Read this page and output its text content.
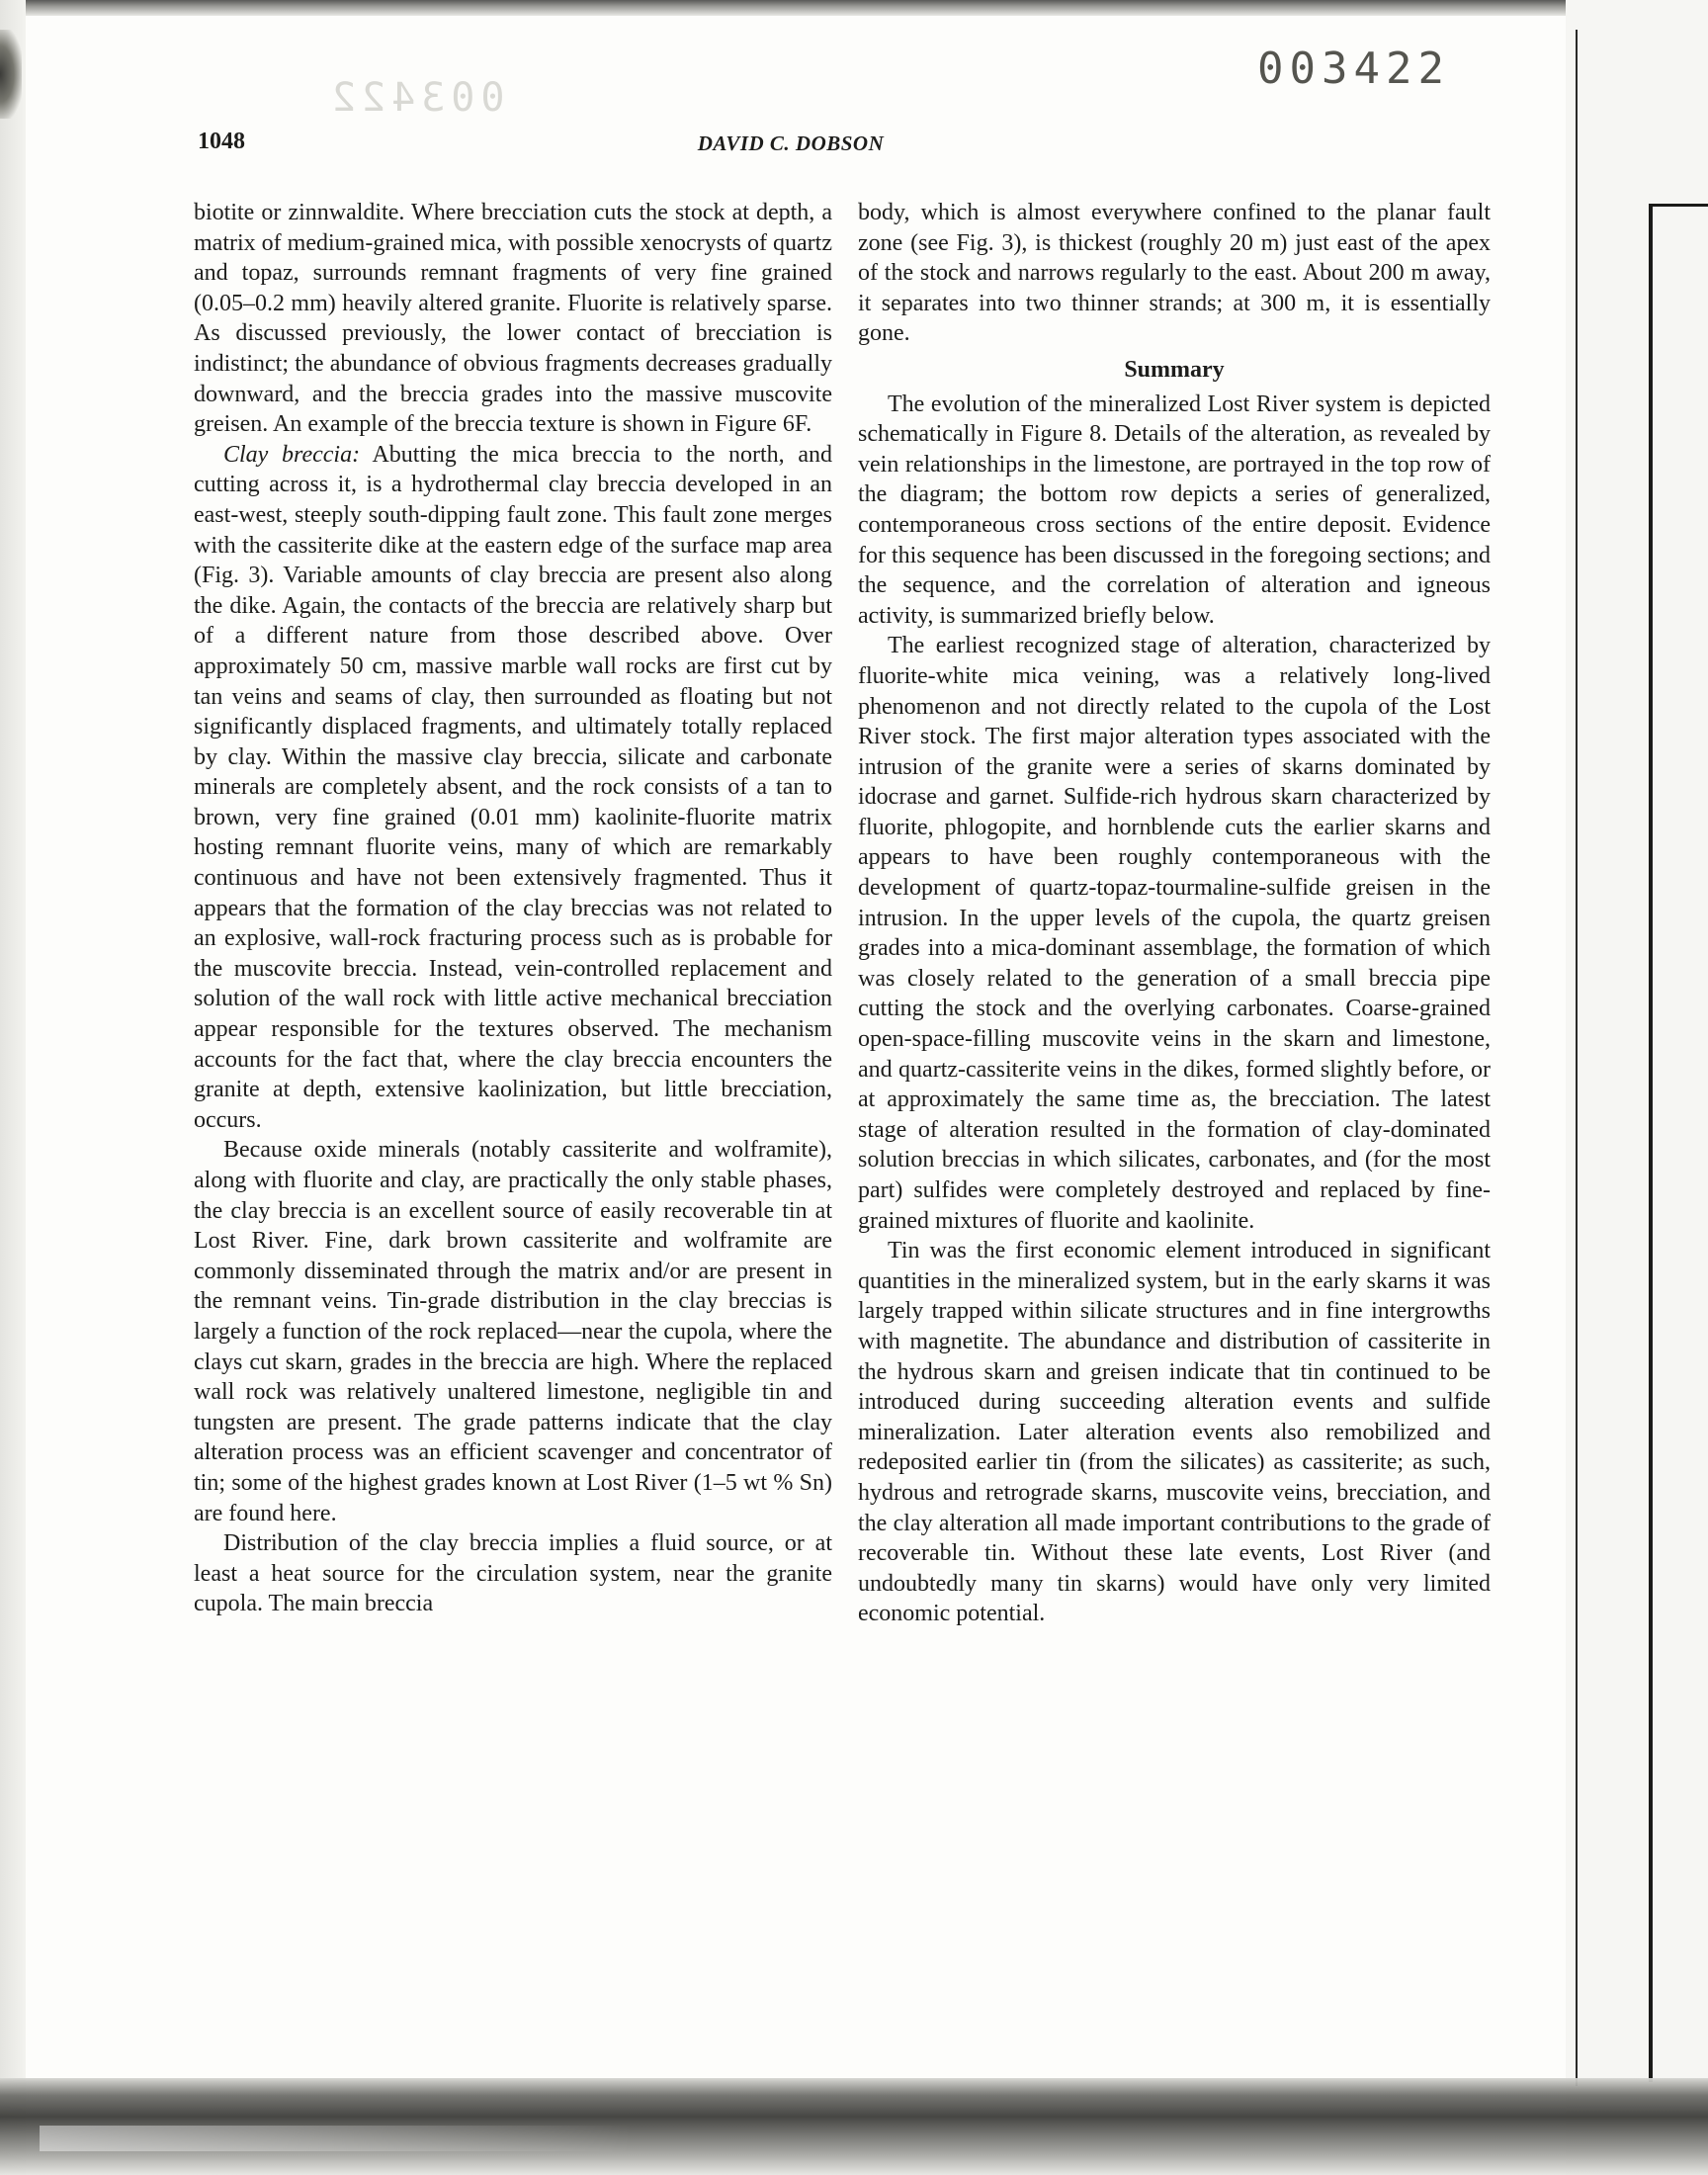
003422
003422
1048	DAVID C. DOBSON

biotite or zinnwaldite. Where brecciation cuts the stock at depth, a matrix of medium-grained mica, with possible xenocrysts of quartz and topaz, surrounds remnant fragments of very fine grained (0.05–0.2 mm) heavily altered granite. Fluorite is relatively sparse. As discussed previously, the lower contact of brecciation is indistinct; the abundance of obvious fragments decreases gradually downward, and the breccia grades into the massive muscovite greisen. An example of the breccia texture is shown in Figure 6F.

Clay breccia: Abutting the mica breccia to the north, and cutting across it, is a hydrothermal clay breccia developed in an east-west, steeply south-dipping fault zone. This fault zone merges with the cassiterite dike at the eastern edge of the surface map area (Fig. 3). Variable amounts of clay breccia are present also along the dike. Again, the contacts of the breccia are relatively sharp but of a different nature from those described above. Over approximately 50 cm, massive marble wall rocks are first cut by tan veins and seams of clay, then surrounded as floating but not significantly displaced fragments, and ultimately totally replaced by clay. Within the massive clay breccia, silicate and carbonate minerals are completely absent, and the rock consists of a tan to brown, very fine grained (0.01 mm) kaolinite-fluorite matrix hosting remnant fluorite veins, many of which are remarkably continuous and have not been extensively fragmented. Thus it appears that the formation of the clay breccias was not related to an explosive, wall-rock fracturing process such as is probable for the muscovite breccia. Instead, vein-controlled replacement and solution of the wall rock with little active mechanical brecciation appear responsible for the textures observed. The mechanism accounts for the fact that, where the clay breccia encounters the granite at depth, extensive kaolinization, but little brecciation, occurs.

Because oxide minerals (notably cassiterite and wolframite), along with fluorite and clay, are practically the only stable phases, the clay breccia is an excellent source of easily recoverable tin at Lost River. Fine, dark brown cassiterite and wolframite are commonly disseminated through the matrix and/or are present in the remnant veins. Tin-grade distribution in the clay breccias is largely a function of the rock replaced—near the cupola, where the clays cut skarn, grades in the breccia are high. Where the replaced wall rock was relatively unaltered limestone, negligible tin and tungsten are present. The grade patterns indicate that the clay alteration process was an efficient scavenger and concentrator of tin; some of the highest grades known at Lost River (1–5 wt % Sn) are found here.

Distribution of the clay breccia implies a fluid source, or at least a heat source for the circulation system, near the granite cupola. The main breccia

body, which is almost everywhere confined to the planar fault zone (see Fig. 3), is thickest (roughly 20 m) just east of the apex of the stock and narrows regularly to the east. About 200 m away, it separates into two thinner strands; at 300 m, it is essentially gone.

Summary

The evolution of the mineralized Lost River system is depicted schematically in Figure 8. Details of the alteration, as revealed by vein relationships in the limestone, are portrayed in the top row of the diagram; the bottom row depicts a series of generalized, contemporaneous cross sections of the entire deposit. Evidence for this sequence has been discussed in the foregoing sections; and the sequence, and the correlation of alteration and igneous activity, is summarized briefly below.

The earliest recognized stage of alteration, characterized by fluorite-white mica veining, was a relatively long-lived phenomenon and not directly related to the cupola of the Lost River stock. The first major alteration types associated with the intrusion of the granite were a series of skarns dominated by idocrase and garnet. Sulfide-rich hydrous skarn characterized by fluorite, phlogopite, and hornblende cuts the earlier skarns and appears to have been roughly contemporaneous with the development of quartz-topaz-tourmaline-sulfide greisen in the intrusion. In the upper levels of the cupola, the quartz greisen grades into a mica-dominant assemblage, the formation of which was closely related to the generation of a small breccia pipe cutting the stock and the overlying carbonates. Coarse-grained open-space-filling muscovite veins in the skarn and limestone, and quartz-cassiterite veins in the dikes, formed slightly before, or at approximately the same time as, the brecciation. The latest stage of alteration resulted in the formation of clay-dominated solution breccias in which silicates, carbonates, and (for the most part) sulfides were completely destroyed and replaced by fine-grained mixtures of fluorite and kaolinite.

Tin was the first economic element introduced in significant quantities in the mineralized system, but in the early skarns it was largely trapped within silicate structures and in fine intergrowths with magnetite. The abundance and distribution of cassiterite in the hydrous skarn and greisen indicate that tin continued to be introduced during succeeding alteration events and sulfide mineralization. Later alteration events also remobilized and redeposited earlier tin (from the silicates) as cassiterite; as such, hydrous and retrograde skarns, muscovite veins, brecciation, and the clay alteration all made important contributions to the grade of recoverable tin. Without these late events, Lost River (and undoubtedly many tin skarns) would have only very limited economic potential.
